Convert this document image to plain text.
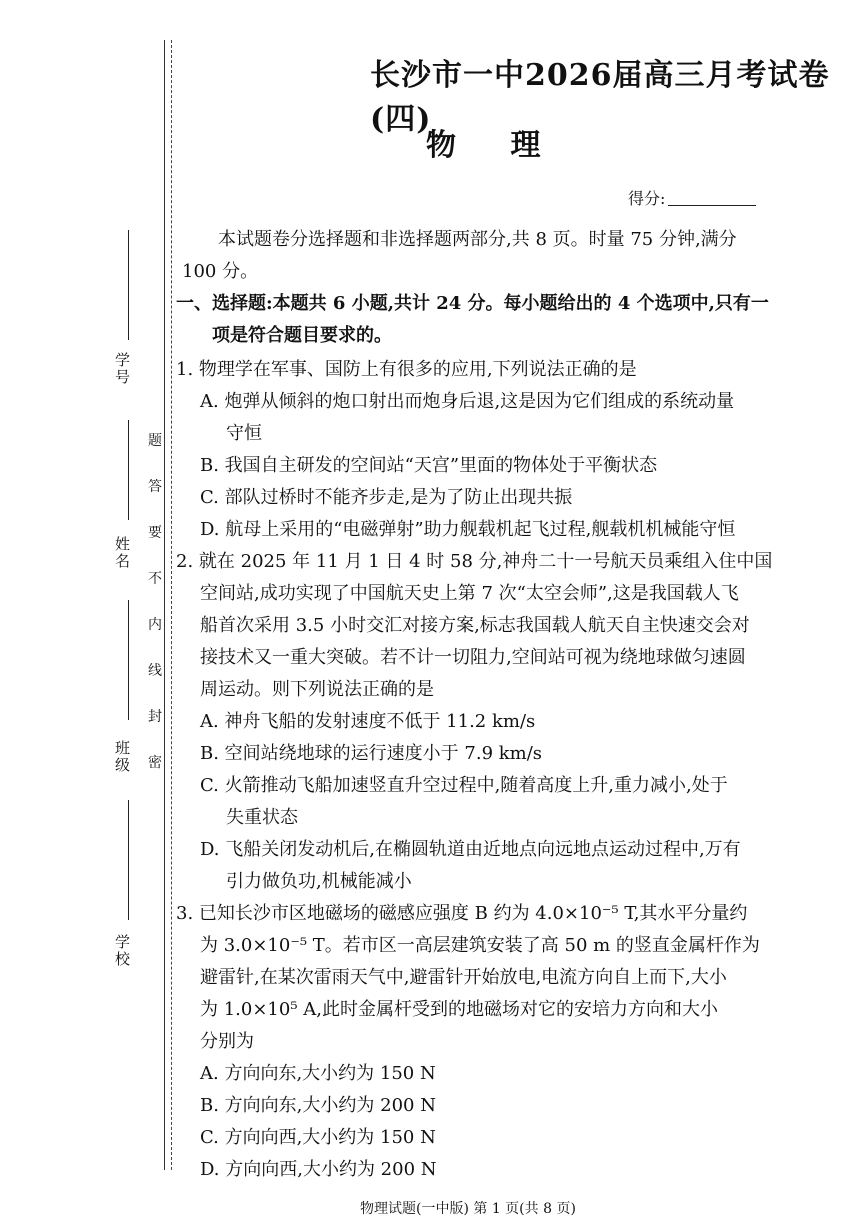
学号
姓名
班级
学校
题
答
要
不
内
线
封
密
长沙市一中2026届高三月考试卷(四)
物 理
得分:
本试题卷分选择题和非选择题两部分,共 8 页。时量 75 分钟,满分
100 分。
一、选择题:本题共 6 小题,共计 24 分。每小题给出的 4 个选项中,只有一
项是符合题目要求的。
1. 物理学在军事、国防上有很多的应用,下列说法正确的是
A. 炮弹从倾斜的炮口射出而炮身后退,这是因为它们组成的系统动量
守恒
B. 我国自主研发的空间站“天宫”里面的物体处于平衡状态
C. 部队过桥时不能齐步走,是为了防止出现共振
D. 航母上采用的“电磁弹射”助力舰载机起飞过程,舰载机机械能守恒
2. 就在 2025 年 11 月 1 日 4 时 58 分,神舟二十一号航天员乘组入住中国
空间站,成功实现了中国航天史上第 7 次“太空会师”,这是我国载人飞
船首次采用 3.5 小时交汇对接方案,标志我国载人航天自主快速交会对
接技术又一重大突破。若不计一切阻力,空间站可视为绕地球做匀速圆
周运动。则下列说法正确的是
A. 神舟飞船的发射速度不低于 11.2 km/s
B. 空间站绕地球的运行速度小于 7.9 km/s
C. 火箭推动飞船加速竖直升空过程中,随着高度上升,重力减小,处于
失重状态
D. 飞船关闭发动机后,在椭圆轨道由近地点向远地点运动过程中,万有
引力做负功,机械能减小
3. 已知长沙市区地磁场的磁感应强度 B 约为 4.0×10⁻⁵ T,其水平分量约
为 3.0×10⁻⁵ T。若市区一高层建筑安装了高 50 m 的竖直金属杆作为
避雷针,在某次雷雨天气中,避雷针开始放电,电流方向自上而下,大小
为 1.0×10⁵ A,此时金属杆受到的地磁场对它的安培力方向和大小
分别为
A. 方向向东,大小约为 150 N
B. 方向向东,大小约为 200 N
C. 方向向西,大小约为 150 N
D. 方向向西,大小约为 200 N
物理试题(一中版) 第 1 页(共 8 页)
